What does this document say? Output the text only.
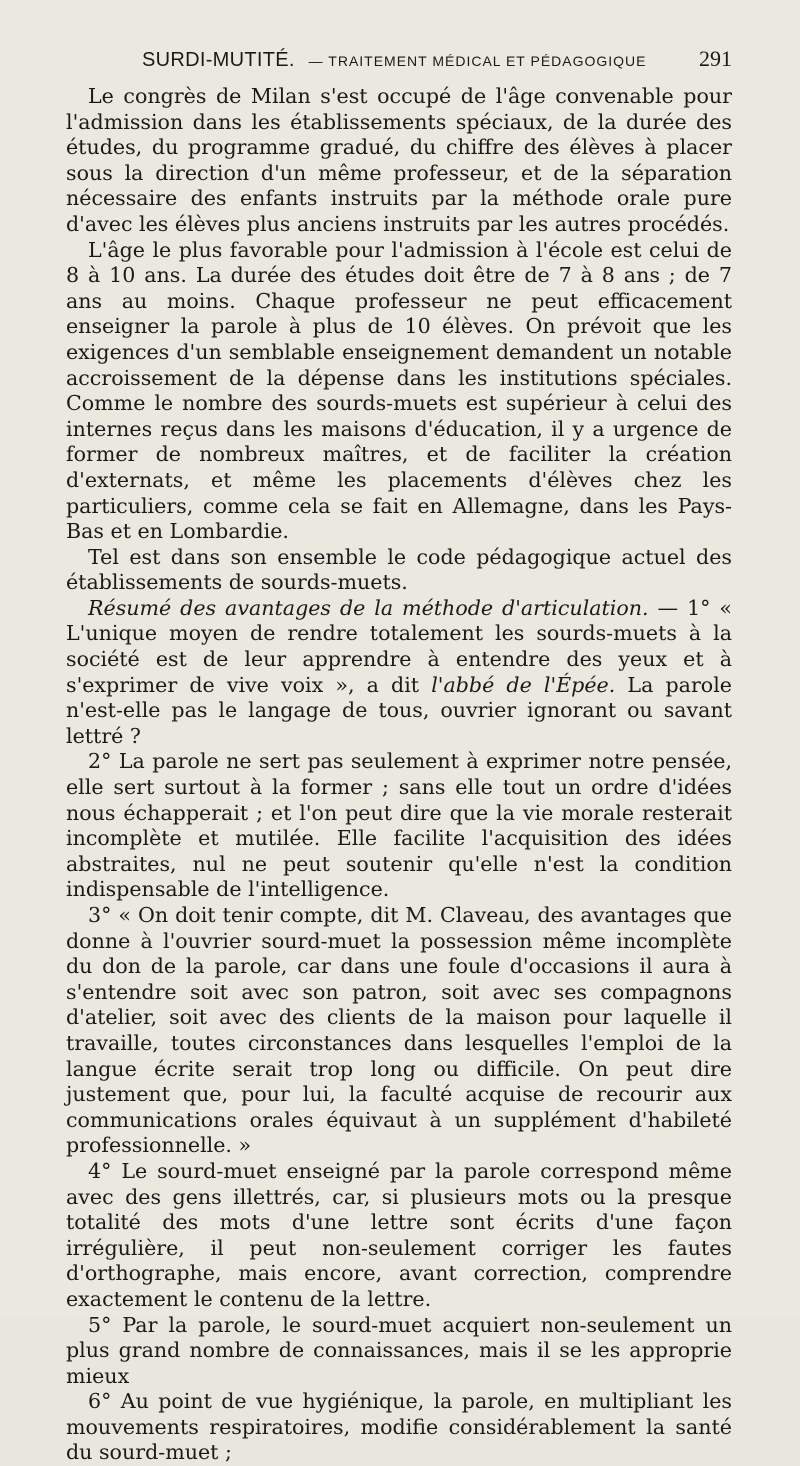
SURDI-MUTITÉ. — TRAITEMENT MÉDICAL ET PÉDAGOGIQUE 291

Le congrès de Milan s'est occupé de l'âge convenable pour l'admission dans les établissements spéciaux, de la durée des études, du programme gradué, du chiffre des élèves à placer sous la direction d'un même professeur, et de la séparation nécessaire des enfants instruits par la méthode orale pure d'avec les élèves plus anciens instruits par les autres procédés.

L'âge le plus favorable pour l'admission à l'école est celui de 8 à 10 ans. La durée des études doit être de 7 à 8 ans ; de 7 ans au moins. Chaque professeur ne peut efficacement enseigner la parole à plus de 10 élèves. On prévoit que les exigences d'un semblable enseignement demandent un notable accroissement de la dépense dans les institutions spéciales. Comme le nombre des sourds-muets est supérieur à celui des internes reçus dans les maisons d'éducation, il y a urgence de former de nombreux maîtres, et de faciliter la création d'externats, et même les placements d'élèves chez les particuliers, comme cela se fait en Allemagne, dans les Pays-Bas et en Lombardie.

Tel est dans son ensemble le code pédagogique actuel des établissements de sourds-muets.

Résumé des avantages de la méthode d'articulation. — 1° « L'unique moyen de rendre totalement les sourds-muets à la société est de leur apprendre à entendre des yeux et à s'exprimer de vive voix », a dit l'abbé de l'Épée. La parole n'est-elle pas le langage de tous, ouvrier ignorant ou savant lettré ?

2° La parole ne sert pas seulement à exprimer notre pensée, elle sert surtout à la former ; sans elle tout un ordre d'idées nous échapperait ; et l'on peut dire que la vie morale resterait incomplète et mutilée. Elle facilite l'acquisition des idées abstraites, nul ne peut soutenir qu'elle n'est la condition indispensable de l'intelligence.

3° « On doit tenir compte, dit M. Claveau, des avantages que donne à l'ouvrier sourd-muet la possession même incomplète du don de la parole, car dans une foule d'occasions il aura à s'entendre soit avec son patron, soit avec ses compagnons d'atelier, soit avec des clients de la maison pour laquelle il travaille, toutes circonstances dans lesquelles l'emploi de la langue écrite serait trop long ou difficile. On peut dire justement que, pour lui, la faculté acquise de recourir aux communications orales équivaut à un supplément d'habileté professionnelle. »

4° Le sourd-muet enseigné par la parole correspond même avec des gens illettrés, car, si plusieurs mots ou la presque totalité des mots d'une lettre sont écrits d'une façon irrégulière, il peut non-seulement corriger les fautes d'orthographe, mais encore, avant correction, comprendre exactement le contenu de la lettre.

5° Par la parole, le sourd-muet acquiert non-seulement un plus grand nombre de connaissances, mais il se les approprie mieux

6° Au point de vue hygiénique, la parole, en multipliant les mouvements respiratoires, modifie considérablement la santé du sourd-muet ;
